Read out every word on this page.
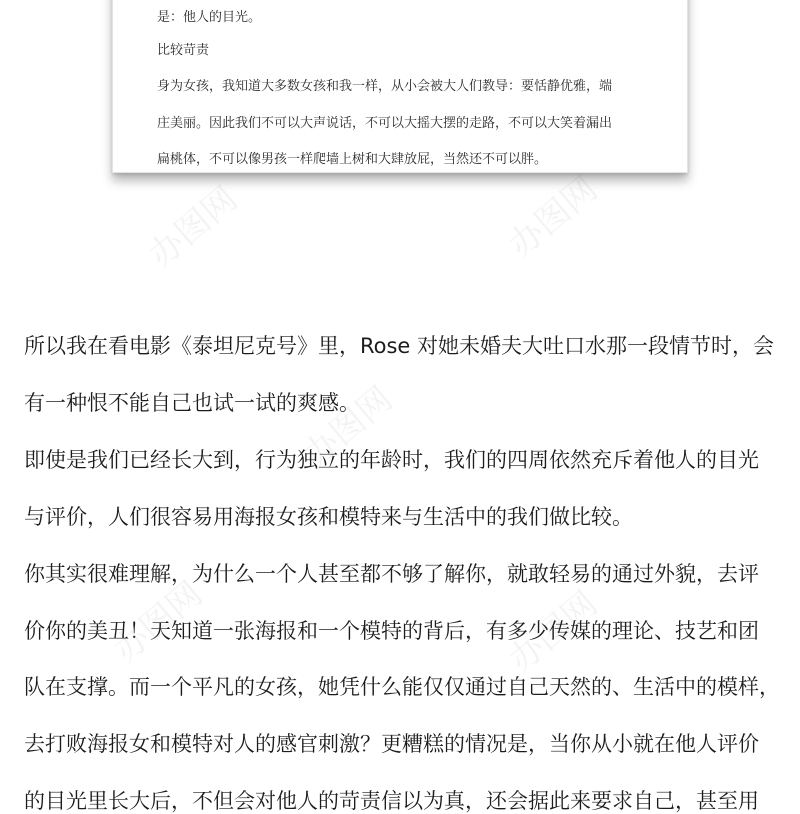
办图网	办图网
办图网
办图网	办图网

是：他人的目光。

比较苛责

身为女孩，我知道大多数女孩和我一样，从小会被大人们教导：要恬静优雅，端

庄美丽。因此我们不可以大声说话，不可以大摇大摆的走路，不可以大笑着漏出

扁桃体，不可以像男孩一样爬墙上树和大肆放屁，当然还不可以胖。

所以我在看电影《泰坦尼克号》里，Rose 对她未婚夫大吐口水那一段情节时，会

有一种恨不能自己也试一试的爽感。

即使是我们已经长大到，行为独立的年龄时，我们的四周依然充斥着他人的目光

与评价，人们很容易用海报女孩和模特来与生活中的我们做比较。

你其实很难理解，为什么一个人甚至都不够了解你，就敢轻易的通过外貌，去评

价你的美丑！天知道一张海报和一个模特的背后，有多少传媒的理论、技艺和团

队在支撑。而一个平凡的女孩，她凭什么能仅仅通过自己天然的、生活中的模样，

去打败海报女和模特对人的感官刺激？更糟糕的情况是，当你从小就在他人评价

的目光里长大后，不但会对他人的苛责信以为真，还会据此来要求自己，甚至用
